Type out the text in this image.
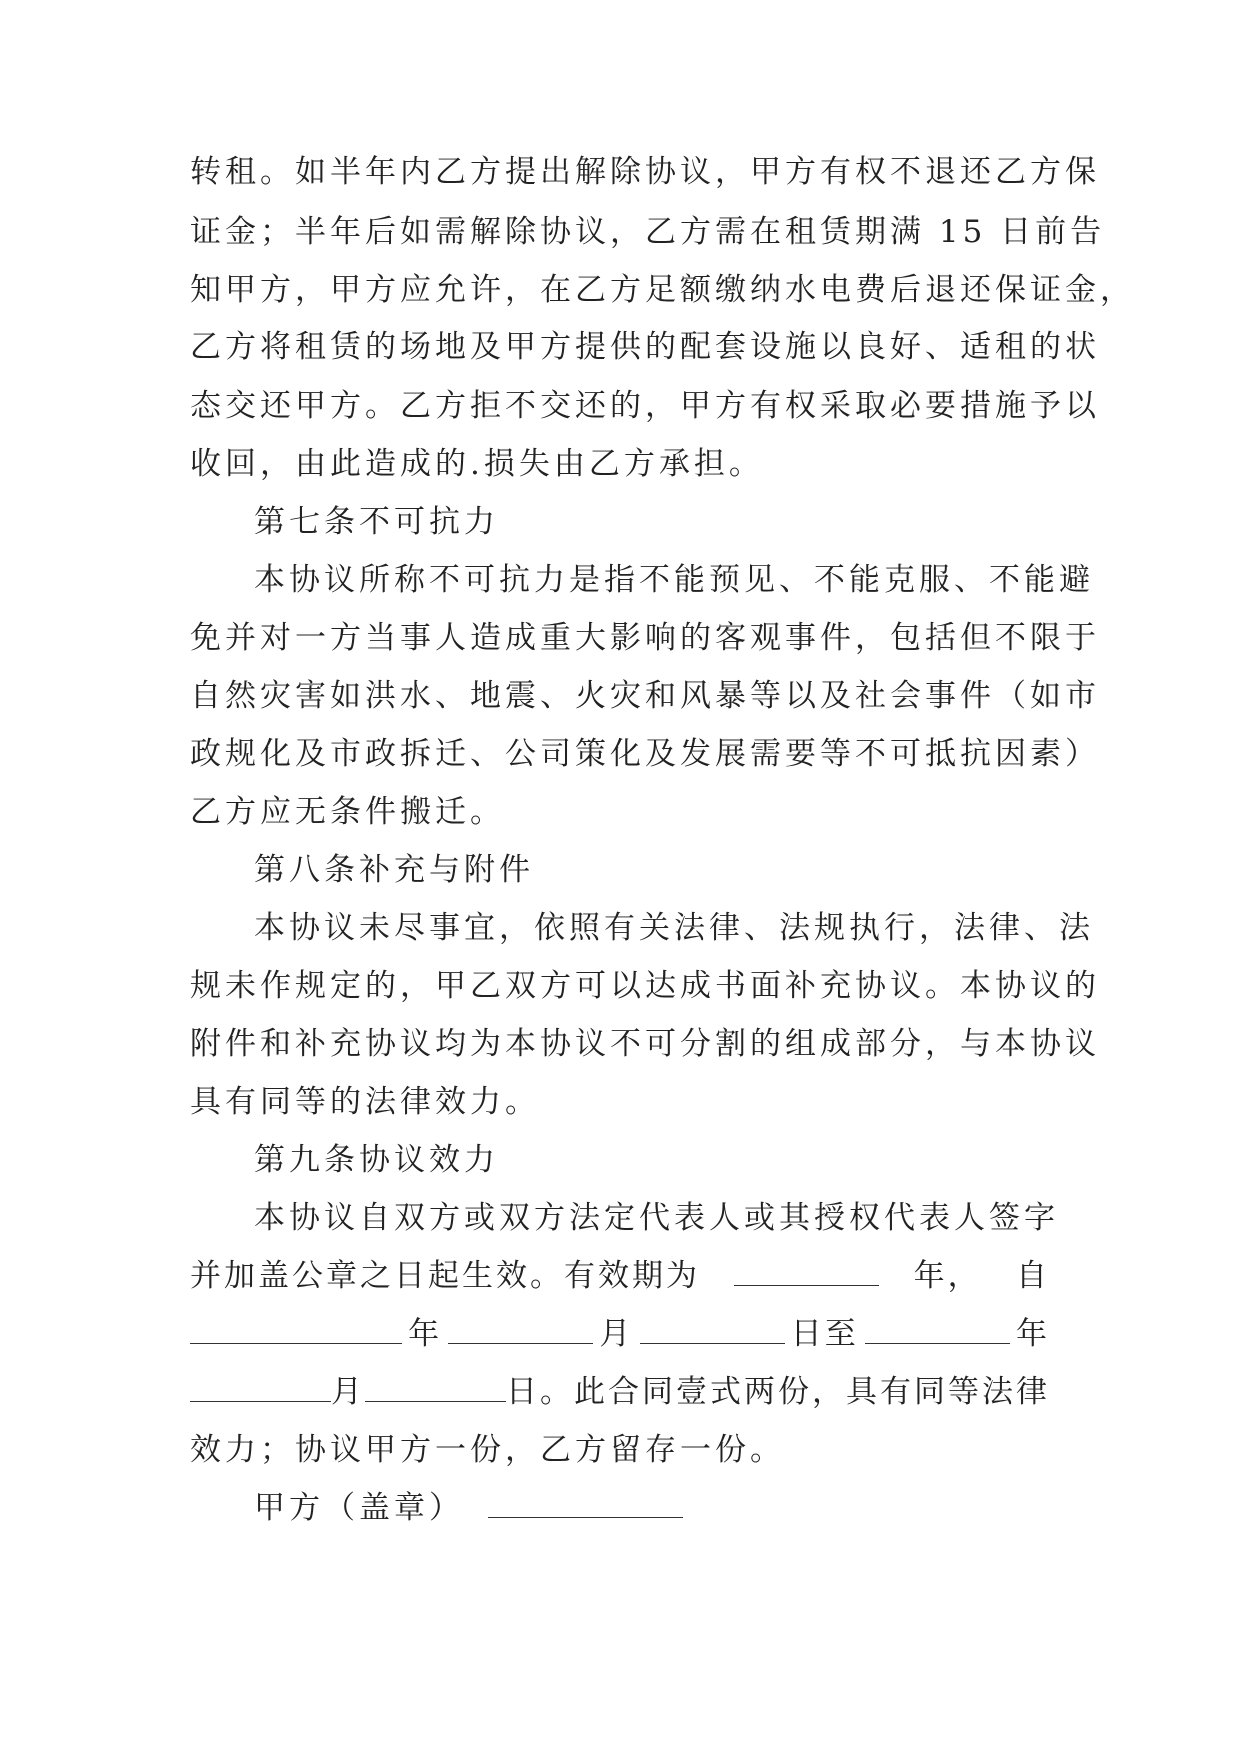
转租。如半年内乙方提出解除协议，甲方有权不退还乙方保
证金；半年后如需解除协议，乙方需在租赁期满 15 日前告
知甲方，甲方应允许，在乙方足额缴纳水电费后退还保证金，
乙方将租赁的场地及甲方提供的配套设施以良好、适租的状
态交还甲方。乙方拒不交还的，甲方有权采取必要措施予以
收回，由此造成的.损失由乙方承担。
第七条不可抗力
本协议所称不可抗力是指不能预见、不能克服、不能避
免并对一方当事人造成重大影响的客观事件，包括但不限于
自然灾害如洪水、地震、火灾和风暴等以及社会事件（如市
政规化及市政拆迁、公司策化及发展需要等不可抵抗因素）
乙方应无条件搬迁。
第八条补充与附件
本协议未尽事宜，依照有关法律、法规执行，法律、法
规未作规定的，甲乙双方可以达成书面补充协议。本协议的
附件和补充协议均为本协议不可分割的组成部分，与本协议
具有同等的法律效力。
第九条协议效力
本协议自双方或双方法定代表人或其授权代表人签字
并加盖公章之日起生效。有效期为	年， 自
年	月	日至	年
月	日。此合同壹式两份，具有同等法律
效力；协议甲方一份，乙方留存一份。
甲方（盖章）
